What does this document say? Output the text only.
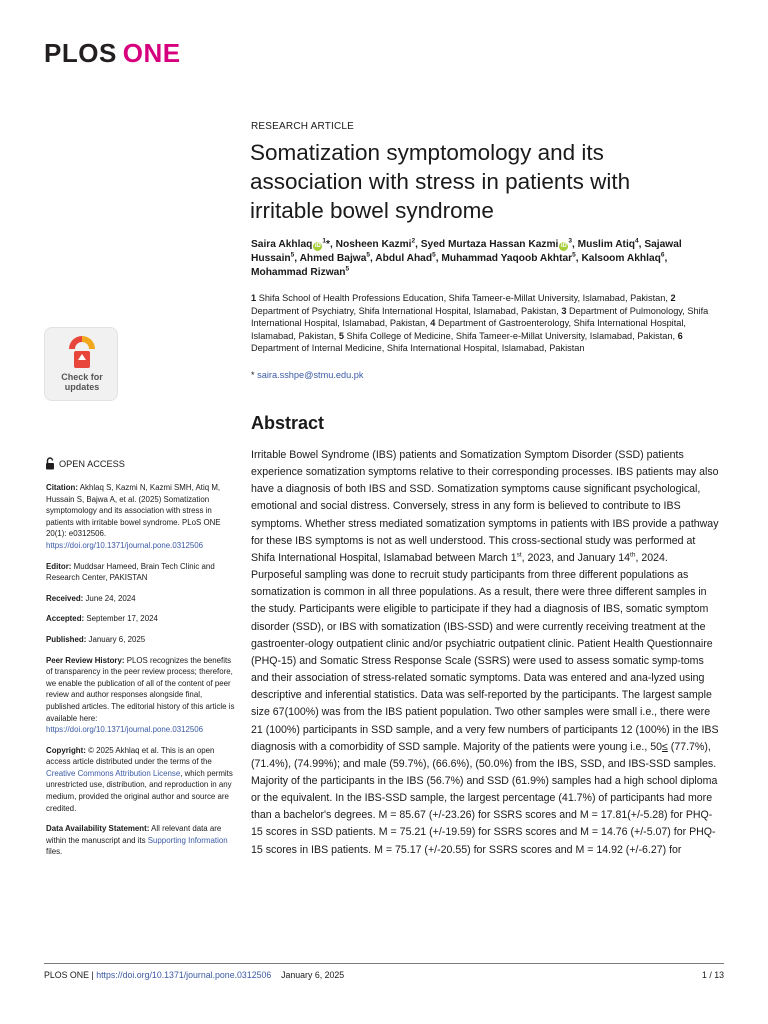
PLOS ONE
RESEARCH ARTICLE
Somatization symptomology and its association with stress in patients with irritable bowel syndrome
Saira Akhlaq $iD^1*$, Nosheen Kazmi$^2$, Syed Murtaza Hassan Kazmi $iD^3$, Muslim Atiq$^4$, Sajawal Hussain$^5$, Ahmed Bajwa$^5$, Abdul Ahad$^5$, Muhammad Yaqoob Akhtar$^5$, Kalsoom Akhlaq$^6$, Mohammad Rizwan$^5$
1 Shifa School of Health Professions Education, Shifa Tameer-e-Millat University, Islamabad, Pakistan, 2 Department of Psychiatry, Shifa International Hospital, Islamabad, Pakistan, 3 Department of Pulmonology, Shifa International Hospital, Islamabad, Pakistan, 4 Department of Gastroenterology, Shifa International Hospital, Islamabad, Pakistan, 5 Shifa College of Medicine, Shifa Tameer-e-Millat University, Islamabad, Pakistan, 6 Department of Internal Medicine, Shifa International Hospital, Islamabad, Pakistan
* saira.sshpe@stmu.edu.pk
Abstract

Irritable Bowel Syndrome (IBS) patients and Somatization Symptom Disorder (SSD) patients experience somatization symptoms relative to their corresponding processes. IBS patients may also have a diagnosis of both IBS and SSD. Somatization symptoms cause significant psychological, emotional and social distress. Conversely, stress in any form is believed to contribute to IBS symptoms. Whether stress mediated somatization symptoms in patients with IBS provide a pathway for these IBS symptoms is not as well understood. This cross-sectional study was performed at Shifa International Hospital, Islamabad between March 1st, 2023, and January 14th, 2024. Purposeful sampling was done to recruit study participants from three different populations as somatization is common in all three populations. As a result, there were three different samples in the study. Participants were eligible to participate if they had a diagnosis of IBS, somatic symptom disorder (SSD), or IBS with somatization (IBS-SSD) and were currently receiving treatment at the gastroenter-ology outpatient clinic and/or psychiatric outpatient clinic. Patient Health Questionnaire (PHQ-15) and Somatic Stress Response Scale (SSRS) were used to assess somatic symp-toms and their association of stress-related somatic symptoms. Data was entered and ana-lyzed using descriptive and inferential statistics. Data was self-reported by the participants. The largest sample size 67(100%) was from the IBS patient population. Two other samples were small i.e., there were 21 (100%) participants in SSD sample, and a very few numbers of participants 12 (100%) in the IBS diagnosis with a comorbidity of SSD sample. Majority of the patients were young i.e., 50≤ (77.7%), (71.4%), (74.99%); and male (59.7%), (66.6%), (50.0%) from the IBS, SSD, and IBS-SSD samples. Majority of the participants in the IBS (56.7%) and SSD (61.9%) samples had a high school diploma or the equivalent. In the IBS-SSD sample, the largest percentage (41.7%) of participants had more than a bachelor's degrees. M = 85.67 (+/-23.26) for SSRS scores and M = 17.81(+/-5.28) for PHQ-15 scores in SSD patients. M = 75.21 (+/-19.59) for SSRS scores and M = 14.76 (+/-5.07) for PHQ-15 scores in IBS patients. M = 75.17 (+/-20.55) for SSRS scores and M = 14.92 (+/-6.27) for

Check for
updates
OPEN ACCESS
Citation: Akhlaq S, Kazmi N, Kazmi SMH, Atiq M, Hussain S, Bajwa A, et al. (2025) Somatization symptomology and its association with stress in patients with irritable bowel syndrome. PLoS ONE 20(1): e0312506. https://doi.org/10.1371/journal.pone.0312506
Editor: Muddsar Hameed, Brain Tech Clinic and Research Center, PAKISTAN
Received: June 24, 2024
Accepted: September 17, 2024
Published: January 6, 2025
Peer Review History: PLOS recognizes the benefits of transparency in the peer review process; therefore, we enable the publication of all of the content of peer review and author responses alongside final, published articles. The editorial history of this article is available here: https://doi.org/10.1371/journal.pone.0312506
Copyright: © 2025 Akhlaq et al. This is an open access article distributed under the terms of the Creative Commons Attribution License, which permits unrestricted use, distribution, and reproduction in any medium, provided the original author and source are credited.
Data Availability Statement: All relevant data are within the manuscript and its Supporting Information files.
PLOS ONE | https://doi.org/10.1371/journal.pone.0312506 January 6, 2025	1 / 13
